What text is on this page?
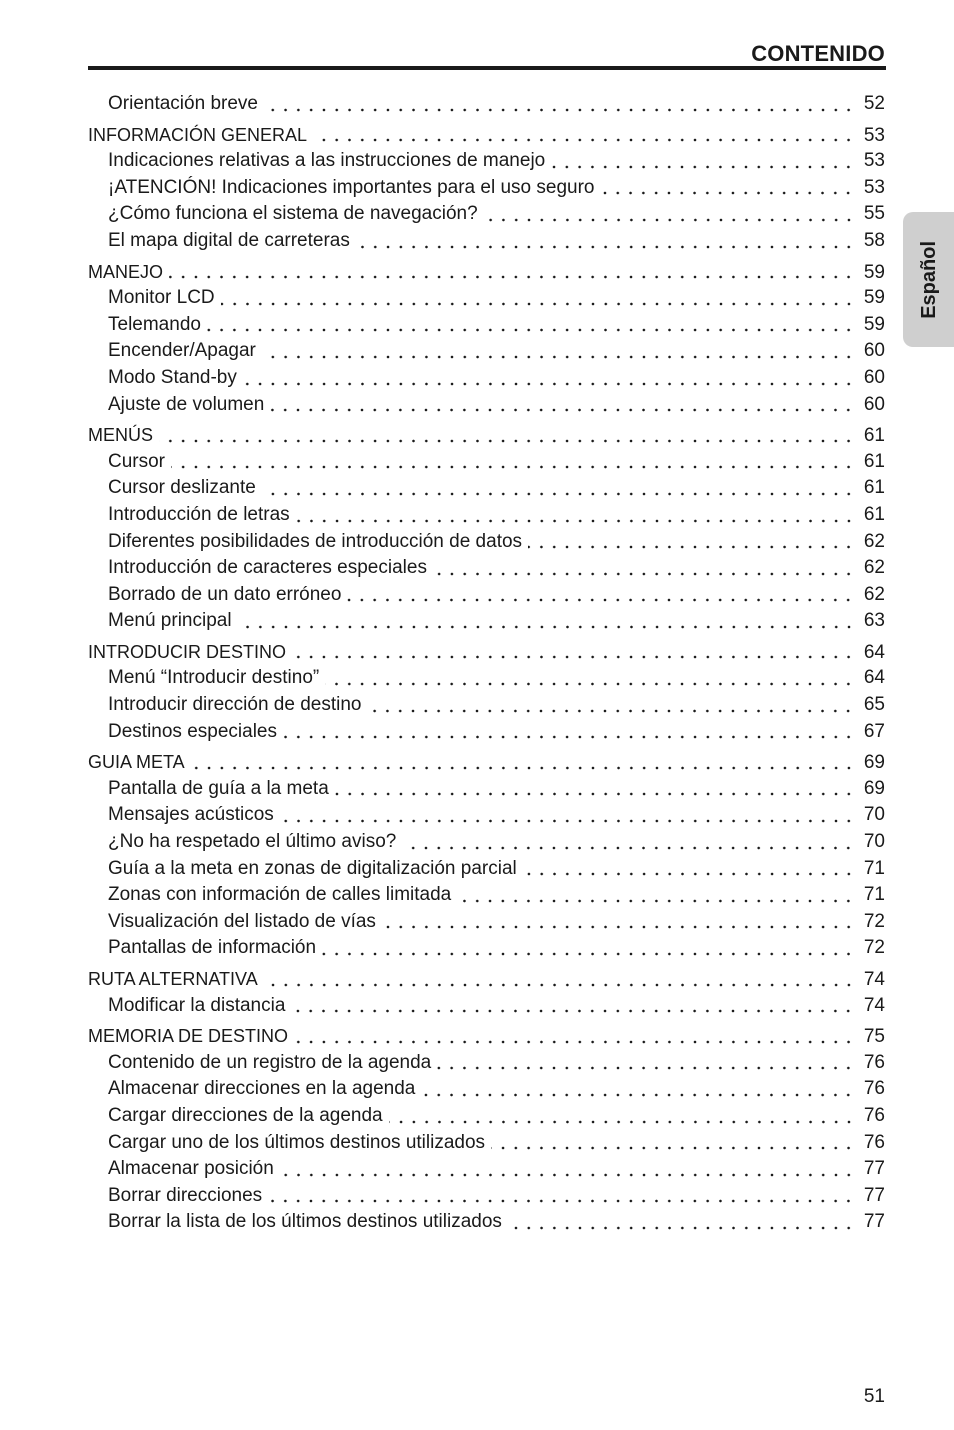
CONTENIDO
Español
Orientación breve	52
INFORMACIÓN GENERAL	53
Indicaciones relativas a las instrucciones de manejo	53
¡ATENCIÓN! Indicaciones importantes para el uso seguro	53
¿Cómo funciona el sistema de navegación?	55
El mapa digital de carreteras	58
MANEJO	59
Monitor LCD	59
Telemando	59
Encender/Apagar	60
Modo Stand-by	60
Ajuste de volumen	60
MENÚS	61
Cursor	61
Cursor deslizante	61
Introducción de letras	61
Diferentes posibilidades de introducción de datos	62
Introducción de caracteres especiales	62
Borrado de un dato erróneo	62
Menú principal	63
INTRODUCIR DESTINO	64
Menú “Introducir destino”	64
Introducir dirección de destino	65
Destinos especiales	67
GUIA META	69
Pantalla de guía a la meta	69
Mensajes acústicos	70
¿No ha respetado el último aviso?	70
Guía a la meta en zonas de digitalización parcial	71
Zonas con información de calles limitada	71
Visualización del listado de vías	72
Pantallas de información	72
RUTA ALTERNATIVA	74
Modificar la distancia	74
MEMORIA DE DESTINO	75
Contenido de un registro de la agenda	76
Almacenar direcciones en la agenda	76
Cargar direcciones de la agenda	76
Cargar uno de los últimos destinos utilizados	76
Almacenar posición	77
Borrar direcciones	77
Borrar la lista de los últimos destinos utilizados	77
51
